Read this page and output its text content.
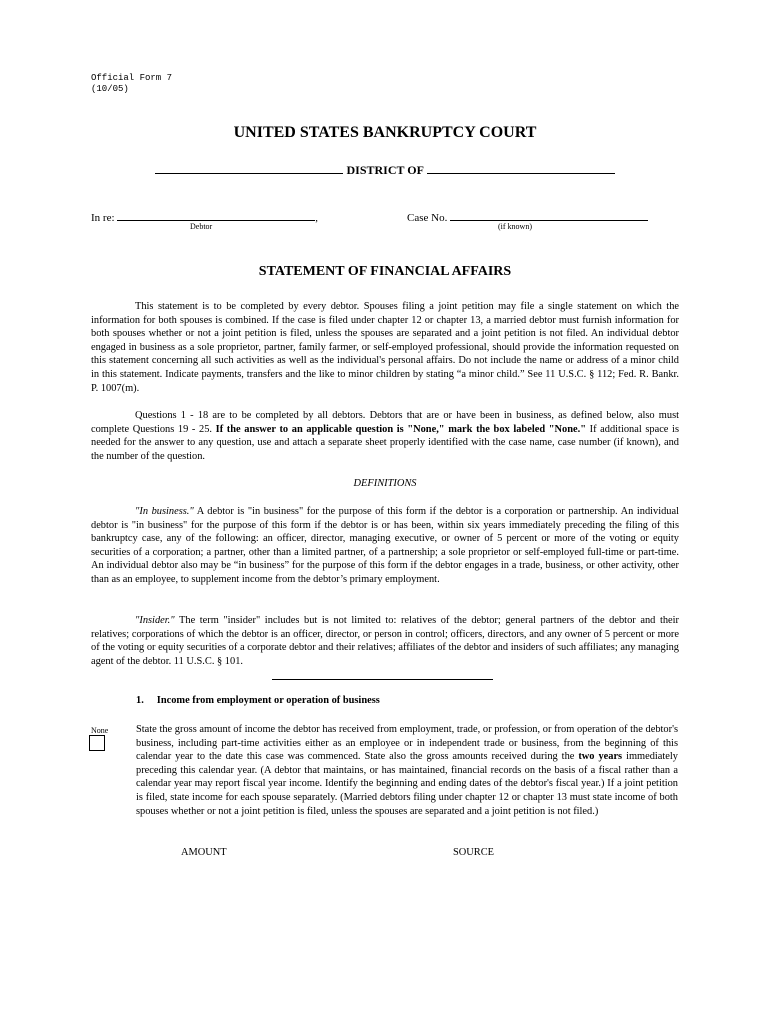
Official Form 7
(10/05)
UNITED STATES BANKRUPTCY COURT
DISTRICT OF
In re:	,
Debtor
Case No.
(if known)
STATEMENT OF FINANCIAL AFFAIRS

This statement is to be completed by every debtor. Spouses filing a joint petition may file a single statement on which the information for both spouses is combined. If the case is filed under chapter 12 or chapter 13, a married debtor must furnish information for both spouses whether or not a joint petition is filed, unless the spouses are separated and a joint petition is not filed. An individual debtor engaged in business as a sole proprietor, partner, family farmer, or self-employed professional, should provide the information requested on this statement concerning all such activities as well as the individual's personal affairs. Do not include the name or address of a minor child in this statement. Indicate payments, transfers and the like to minor children by stating “a minor child.” See 11 U.S.C. § 112; Fed. R. Bankr. P. 1007(m).

Questions 1 - 18 are to be completed by all debtors. Debtors that are or have been in business, as defined below, also must complete Questions 19 - 25. If the answer to an applicable question is "None," mark the box labeled "None." If additional space is needed for the answer to any question, use and attach a separate sheet properly identified with the case name, case number (if known), and the number of the question.

DEFINITIONS

"In business." A debtor is "in business" for the purpose of this form if the debtor is a corporation or partnership. An individual debtor is "in business" for the purpose of this form if the debtor is or has been, within six years immediately preceding the filing of this bankruptcy case, any of the following: an officer, director, managing executive, or owner of 5 percent or more of the voting or equity securities of a corporation; a partner, other than a limited partner, of a partnership; a sole proprietor or self-employed full-time or part-time. An individual debtor also may be “in business” for the purpose of this form if the debtor engages in a trade, business, or other activity, other than as an employee, to supplement income from the debtor’s primary employment.

"Insider." The term "insider" includes but is not limited to: relatives of the debtor; general partners of the debtor and their relatives; corporations of which the debtor is an officer, director, or person in control; officers, directors, and any owner of 5 percent or more of the voting or equity securities of a corporate debtor and their relatives; affiliates of the debtor and insiders of such affiliates; any managing agent of the debtor. 11 U.S.C. § 101.

1. Income from employment or operation of business
None	State the gross amount of income the debtor has received from employment, trade, or profession, or from operation of the debtor's business, including part-time activities either as an employee or in independent trade or business, from the beginning of this calendar year to the date this case was commenced. State also the gross amounts received during the two years immediately preceding this calendar year. (A debtor that maintains, or has maintained, financial records on the basis of a fiscal rather than a calendar year may report fiscal year income. Identify the beginning and ending dates of the debtor's fiscal year.) If a joint petition is filed, state income for each spouse separately. (Married debtors filing under chapter 12 or chapter 13 must state income of both spouses whether or not a joint petition is filed, unless the spouses are separated and a joint petition is not filed.)

AMOUNT	SOURCE
